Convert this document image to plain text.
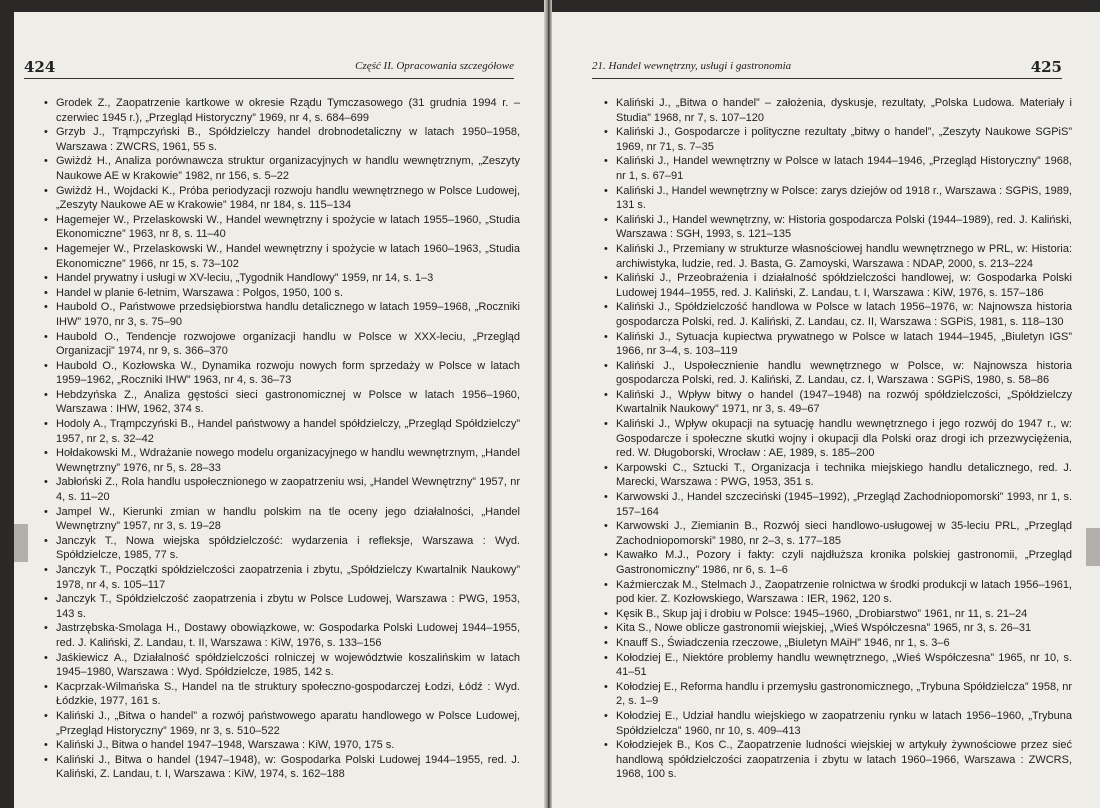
424	Część II. Opracowania szczegółowe
• Grodek Z., Zaopatrzenie kartkowe w okresie Rządu Tymczasowego (31 grudnia 1994 r. – czerwiec 1945 r.), „Przegląd Historyczny” 1969, nr 4, s. 684–699
• Grzyb J., Trąmpczyński B., Spółdzielczy handel drobnodetaliczny w latach 1950–1958, Warszawa : ZWCRS, 1961, 55 s.
• Gwiżdż H., Analiza porównawcza struktur organizacyjnych w handlu wewnętrznym, „Zeszyty Naukowe AE w Krakowie” 1982, nr 156, s. 5–22
• Gwiżdż H., Wojdacki K., Próba periodyzacji rozwoju handlu wewnętrznego w Polsce Ludowej, „Zeszyty Naukowe AE w Krakowie” 1984, nr 184, s. 115–134
• Hagemejer W., Przelaskowski W., Handel wewnętrzny i spożycie w latach 1955–1960, „Studia Ekonomiczne” 1963, nr 8, s. 11–40
• Hagemejer W., Przelaskowski W., Handel wewnętrzny i spożycie w latach 1960–1963, „Studia Ekonomiczne” 1966, nr 15, s. 73–102
• Handel prywatny i usługi w XV-leciu, „Tygodnik Handlowy” 1959, nr 14, s. 1–3
• Handel w planie 6-letnim, Warszawa : Polgos, 1950, 100 s.
• Haubold O., Państwowe przedsiębiorstwa handlu detalicznego w latach 1959–1968, „Roczniki IHW” 1970, nr 3, s. 75–90
• Haubold O., Tendencje rozwojowe organizacji handlu w Polsce w XXX-leciu, „Przegląd Organizacji” 1974, nr 9, s. 366–370
• Haubold O., Kozłowska W., Dynamika rozwoju nowych form sprzedaży w Polsce w latach 1959–1962, „Roczniki IHW” 1963, nr 4, s. 36–73
• Hebdzyńska Z., Analiza gęstości sieci gastronomicznej w Polsce w latach 1956–1960, Warszawa : IHW, 1962, 374 s.
• Hodoly A., Trąmpczyński B., Handel państwowy a handel spółdzielczy, „Przegląd Spółdzielczy” 1957, nr 2, s. 32–42
• Hołdakowski M., Wdrażanie nowego modelu organizacyjnego w handlu wewnętrznym, „Handel Wewnętrzny” 1976, nr 5, s. 28–33
• Jabłoński Z., Rola handlu uspołecznionego w zaopatrzeniu wsi, „Handel Wewnętrzny” 1957, nr 4, s. 11–20
• Jampel W., Kierunki zmian w handlu polskim na tle oceny jego działalności, „Handel Wewnętrzny” 1957, nr 3, s. 19–28
• Janczyk T., Nowa wiejska spółdzielczość: wydarzenia i refleksje, Warszawa : Wyd. Spółdzielcze, 1985, 77 s.
• Janczyk T., Początki spółdzielczości zaopatrzenia i zbytu, „Spółdzielczy Kwartalnik Naukowy” 1978, nr 4, s. 105–117
• Janczyk T., Spółdzielczość zaopatrzenia i zbytu w Polsce Ludowej, Warszawa : PWG, 1953, 143 s.
• Jastrzębska-Smolaga H., Dostawy obowiązkowe, w: Gospodarka Polski Ludowej 1944–1955, red. J. Kaliński, Z. Landau, t. II, Warszawa : KiW, 1976, s. 133–156
• Jaśkiewicz A., Działalność spółdzielczości rolniczej w województwie koszalińskim w latach 1945–1980, Warszawa : Wyd. Spółdzielcze, 1985, 142 s.
• Kacprzak-Wilmańska S., Handel na tle struktury społeczno-gospodarczej Łodzi, Łódź : Wyd. Łódzkie, 1977, 161 s.
• Kaliński J., „Bitwa o handel” a rozwój państwowego aparatu handlowego w Polsce Ludowej, „Przegląd Historyczny” 1969, nr 3, s. 510–522
• Kaliński J., Bitwa o handel 1947–1948, Warszawa : KiW, 1970, 175 s.
• Kaliński J., Bitwa o handel (1947–1948), w: Gospodarka Polski Ludowej 1944–1955, red. J. Kaliński, Z. Landau, t. I, Warszawa : KiW, 1974, s. 162–188
21. Handel wewnętrzny, usługi i gastronomia	425
• Kaliński J., „Bitwa o handel” – założenia, dyskusje, rezultaty, „Polska Ludowa. Materiały i Studia” 1968, nr 7, s. 107–120
• Kaliński J., Gospodarcze i polityczne rezultaty „bitwy o handel”, „Zeszyty Naukowe SGPiS” 1969, nr 71, s. 7–35
• Kaliński J., Handel wewnętrzny w Polsce w latach 1944–1946, „Przegląd Historyczny” 1968, nr 1, s. 67–91
• Kaliński J., Handel wewnętrzny w Polsce: zarys dziejów od 1918 r., Warszawa : SGPiS, 1989, 131 s.
• Kaliński J., Handel wewnętrzny, w: Historia gospodarcza Polski (1944–1989), red. J. Kaliński, Warszawa : SGH, 1993, s. 121–135
• Kaliński J., Przemiany w strukturze własnościowej handlu wewnętrznego w PRL, w: Historia: archiwistyka, ludzie, red. J. Basta, G. Zamoyski, Warszawa : NDAP, 2000, s. 213–224
• Kaliński J., Przeobrażenia i działalność spółdzielczości handlowej, w: Gospodarka Polski Ludowej 1944–1955, red. J. Kaliński, Z. Landau, t. I, Warszawa : KiW, 1976, s. 157–186
• Kaliński J., Spółdzielczość handlowa w Polsce w latach 1956–1976, w: Najnowsza historia gospodarcza Polski, red. J. Kaliński, Z. Landau, cz. II, Warszawa : SGPiS, 1981, s. 118–130
• Kaliński J., Sytuacja kupiectwa prywatnego w Polsce w latach 1944–1945, „Biuletyn IGS” 1966, nr 3–4, s. 103–119
• Kaliński J., Uspołecznienie handlu wewnętrznego w Polsce, w: Najnowsza historia gospodarcza Polski, red. J. Kaliński, Z. Landau, cz. I, Warszawa : SGPiS, 1980, s. 58–86
• Kaliński J., Wpływ bitwy o handel (1947–1948) na rozwój spółdzielczości, „Spółdzielczy Kwartalnik Naukowy” 1971, nr 3, s. 49–67
• Kaliński J., Wpływ okupacji na sytuację handlu wewnętrznego i jego rozwój do 1947 r., w: Gospodarcze i społeczne skutki wojny i okupacji dla Polski oraz drogi ich przezwyciężenia, red. W. Długoborski, Wrocław : AE, 1989, s. 185–200
• Karpowski C., Sztucki T., Organizacja i technika miejskiego handlu detalicznego, red. J. Marecki, Warszawa : PWG, 1953, 351 s.
• Karwowski J., Handel szczeciński (1945–1992), „Przegląd Zachodniopomorski” 1993, nr 1, s. 157–164
• Karwowski J., Ziemianin B., Rozwój sieci handlowo-usługowej w 35-leciu PRL, „Przegląd Zachodniopomorski” 1980, nr 2–3, s. 177–185
• Kawałko M.J., Pozory i fakty: czyli najdłuższa kronika polskiej gastronomii, „Przegląd Gastronomiczny” 1986, nr 6, s. 1–6
• Kaźmierczak M., Stelmach J., Zaopatrzenie rolnictwa w środki produkcji w latach 1956–1961, pod kier. Z. Kozłowskiego, Warszawa : IER, 1962, 120 s.
• Kęsik B., Skup jaj i drobiu w Polsce: 1945–1960, „Drobiarstwo” 1961, nr 11, s. 21–24
• Kita S., Nowe oblicze gastronomii wiejskiej, „Wieś Współczesna” 1965, nr 3, s. 26–31
• Knauff S., Świadczenia rzeczowe, „Biuletyn MAiH” 1946, nr 1, s. 3–6
• Kołodziej E., Niektóre problemy handlu wewnętrznego, „Wieś Współczesna” 1965, nr 10, s. 41–51
• Kołodziej E., Reforma handlu i przemysłu gastronomicznego, „Trybuna Spółdzielcza” 1958, nr 2, s. 1–9
• Kołodziej E., Udział handlu wiejskiego w zaopatrzeniu rynku w latach 1956–1960, „Trybuna Spółdzielcza” 1960, nr 10, s. 409–413
• Kołodziejek B., Kos C., Zaopatrzenie ludności wiejskiej w artykuły żywnościowe przez sieć handlową spółdzielczości zaopatrzenia i zbytu w latach 1960–1966, Warszawa : ZWCRS, 1968, 100 s.
